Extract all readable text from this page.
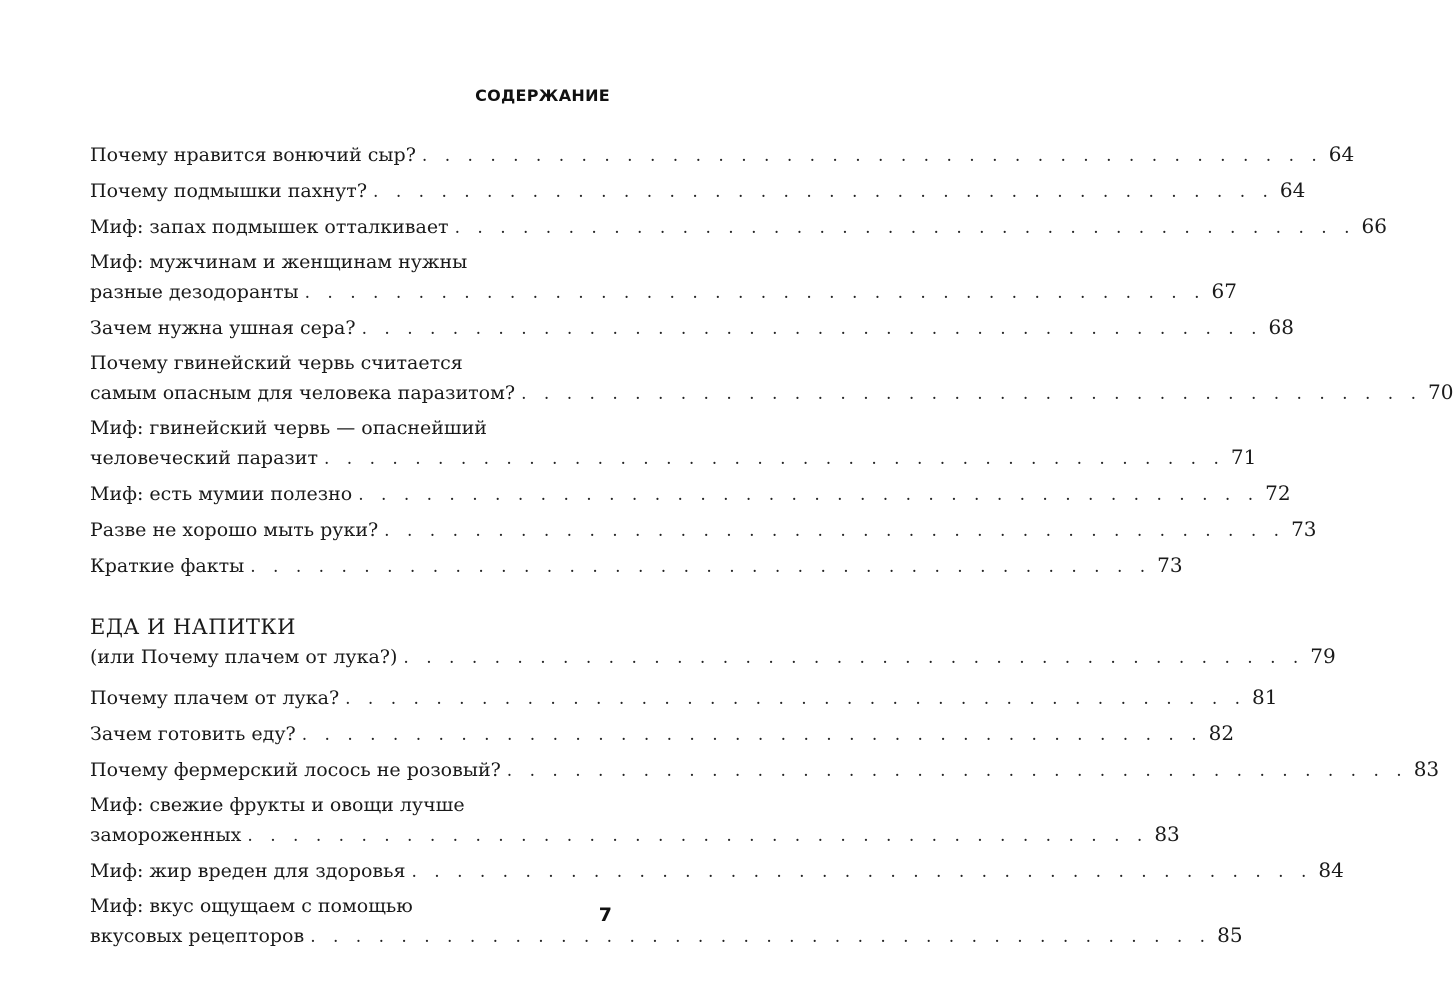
СОДЕРЖАНИЕ
Почему нравится вонючий сыр? . . . . . . . . . . . . . . . . . . . . . . . . . . . . . . . . . . . . . . . . 64
Почему подмышки пахнут? . . . . . . . . . . . . . . . . . . . . . . . . . . . . . . . . . . . . . . . . 64
Миф: запах подмышек отталкивает . . . . . . . . . . . . . . . . . . . . . . . . . . . . . . . . . . . . . . . . 66
Миф: мужчинам и женщинам нужны
разные дезодоранты . . . . . . . . . . . . . . . . . . . . . . . . . . . . . . . . . . . . . . . . 67
Зачем нужна ушная сера? . . . . . . . . . . . . . . . . . . . . . . . . . . . . . . . . . . . . . . . . 68
Почему гвинейский червь считается
самым опасным для человека паразитом? . . . . . . . . . . . . . . . . . . . . . . . . . . . . . . . . . . . . . . . . 70
Миф: гвинейский червь — опаснейший
человеческий паразит . . . . . . . . . . . . . . . . . . . . . . . . . . . . . . . . . . . . . . . . 71
Миф: есть мумии полезно . . . . . . . . . . . . . . . . . . . . . . . . . . . . . . . . . . . . . . . . 72
Разве не хорошо мыть руки? . . . . . . . . . . . . . . . . . . . . . . . . . . . . . . . . . . . . . . . . 73
Краткие факты . . . . . . . . . . . . . . . . . . . . . . . . . . . . . . . . . . . . . . . . 73
ЕДА И НАПИТКИ
(или Почему плачем от лука?) . . . . . . . . . . . . . . . . . . . . . . . . . . . . . . . . . . . . . . . . 79
Почему плачем от лука? . . . . . . . . . . . . . . . . . . . . . . . . . . . . . . . . . . . . . . . . 81
Зачем готовить еду? . . . . . . . . . . . . . . . . . . . . . . . . . . . . . . . . . . . . . . . . 82
Почему фермерский лосось не розовый? . . . . . . . . . . . . . . . . . . . . . . . . . . . . . . . . . . . . . . . . 83
Миф: свежие фрукты и овощи лучше
замороженных . . . . . . . . . . . . . . . . . . . . . . . . . . . . . . . . . . . . . . . . 83
Миф: жир вреден для здоровья . . . . . . . . . . . . . . . . . . . . . . . . . . . . . . . . . . . . . . . . 84
Миф: вкус ощущаем с помощью
вкусовых рецепторов . . . . . . . . . . . . . . . . . . . . . . . . . . . . . . . . . . . . . . . . 85
7
